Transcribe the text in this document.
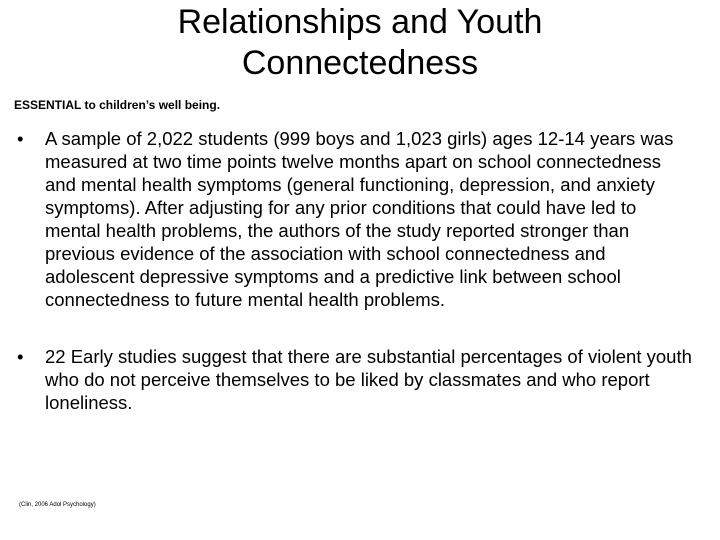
Relationships and Youth
Connectedness

ESSENTIAL to children’s well being.

• A sample of 2,022 students (999 boys and 1,023 girls) ages 12-14 years was measured at two time points twelve months apart on school connectedness and mental health symptoms (general functioning, depression, and anxiety symptoms). After adjusting for any prior conditions that could have led to mental health problems, the authors of the study reported stronger than previous evidence of the association with school connectedness and adolescent depressive symptoms and a predictive link between school connectedness to future mental health problems.
• 22 Early studies suggest that there are substantial percentages of violent youth who do not perceive themselves to be liked by classmates and who report loneliness.

(Clin, 2006 Adol Psychology)
